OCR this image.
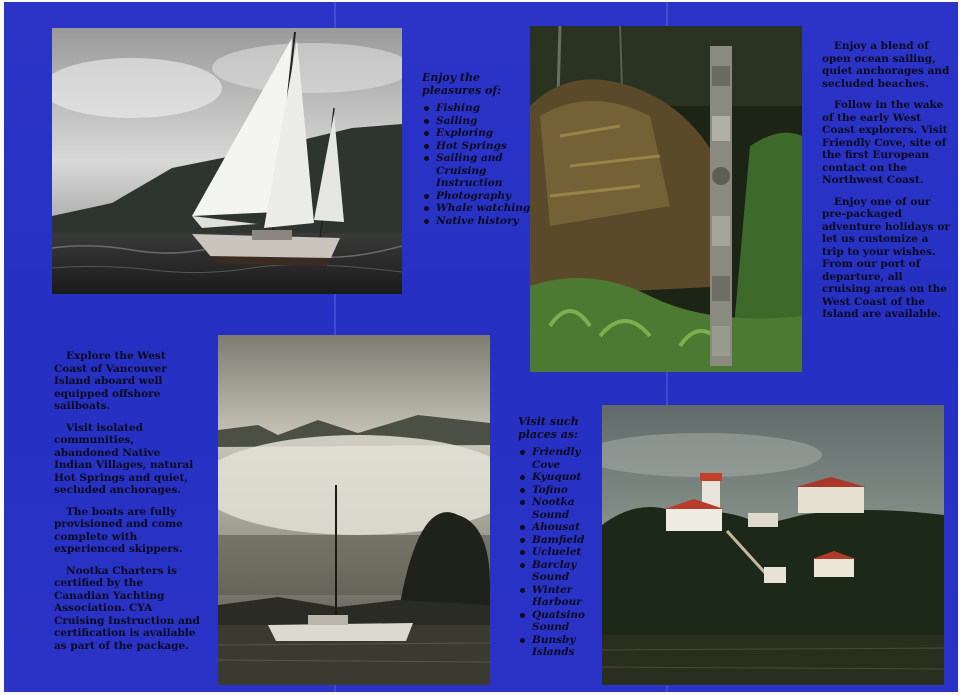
Enjoy the pleasures of:
Fishing
Sailing
Exploring
Hot Springs
Sailing and Cruising Instruction
Photography
Whale watching
Native history

Enjoy a blend of open ocean sailing, quiet anchorages and secluded beaches.

Follow in the wake of the early West Coast explorers. Visit Friendly Cove, site of the first European contact on the Northwest Coast.

Enjoy one of our pre-packaged adventure holidays or let us customize a trip to your wishes. From our port of departure, all cruising areas on the West Coast of the Island are available.

Explore the West Coast of Vancouver Island aboard well equipped offshore sailboats.

Visit isolated communities, abandoned Native Indian Villages, natural Hot Springs and quiet, secluded anchorages.

The boats are fully provisioned and come complete with experienced skippers.

Nootka Charters is certified by the Canadian Yachting Association. CYA Cruising Instruction and certification is available as part of the package.

Visit such places as:
Friendly Cove
Kyuquot
Tofino
Nootka Sound
Ahousat
Bamfield
Ucluelet
Barclay Sound
Winter Harbour
Quatsino Sound
Bunsby Islands
